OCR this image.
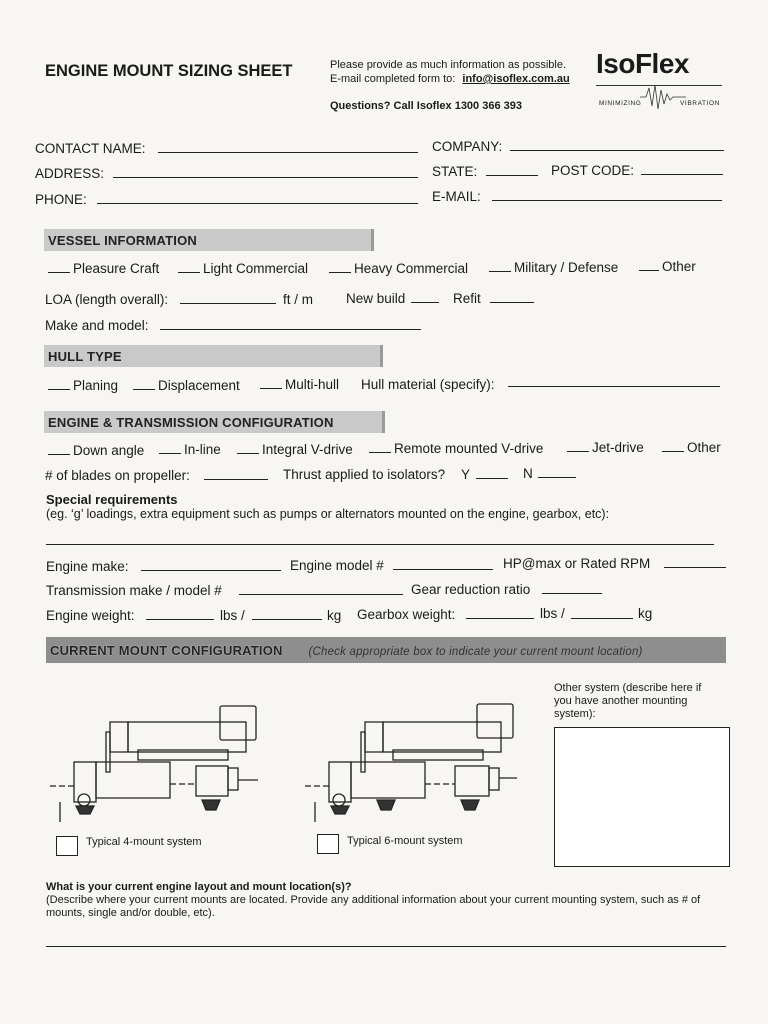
ENGINE MOUNT SIZING SHEET	Please provide as much information as possible.
E-mail completed form to: info@isoflex.com.au
Questions? Call Isoflex 1300 366 393
IsoFlex
MINIMIZING	VIBRATION
CONTACT NAME:
ADDRESS:
PHONE:
COMPANY:
STATE:	POST CODE:
E-MAIL:
VESSEL INFORMATION
Pleasure Craft	Light Commercial	Heavy Commercial	Military / Defense	Other
LOA (length overall):	ft / m New build	Refit
Make and model:
HULL TYPE
Planing	Displacement	Multi-hull Hull material (specify):
ENGINE & TRANSMISSION CONFIGURATION
Down angle	In-line	Integral V-drive	Remote mounted V-drive	Jet-drive	Other
# of blades on propeller:	Thrust applied to isolators? Y	N
Special requirements
(eg. ‘g’ loadings, extra equipment such as pumps or alternators mounted on the engine, gearbox, etc):
Engine make:	Engine model #	HP@max or Rated RPM
Transmission make / model #	Gear reduction ratio
Engine weight:	lbs /	kg Gearbox weight:	lbs /	kg
CURRENT MOUNT CONFIGURATION (Check appropriate box to indicate your current mount location)
Typical 4-mount system	Typical 6-mount system
Other system (describe here if you have another mounting system):
What is your current engine layout and mount location(s)?
(Describe where your current mounts are located. Provide any additional information about your current mounting system, such as # of mounts, single and/or double, etc).
